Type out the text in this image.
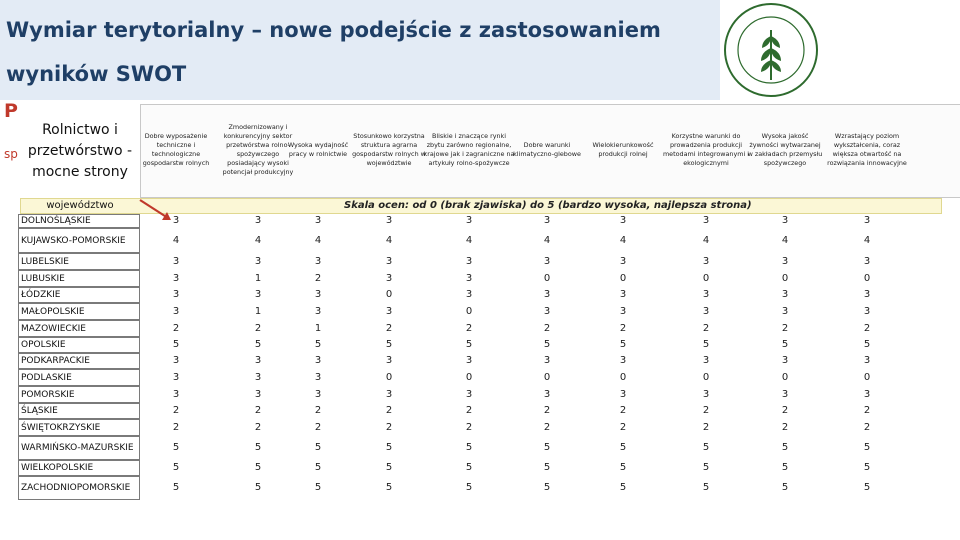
Wymiar terytorialny – nowe podejście z zastosowaniem wyników SWOT
P
sp
Rolnictwo i przetwórstwo - mocne strony
Dobre wyposażenie techniczne i technologiczne gospodarstw rolnych
Zmodernizowany i konkurencyjny sektor przetwórstwa rolno-spożywczego posiadający wysoki potencjał produkcyjny
Wysoka wydajność pracy w rolnictwie
Stosunkowo korzystna struktura agrarna gospodarstw rolnych w województwie
Bliskie i znaczące rynki zbytu zarówno regionalne, krajowe jak i zagraniczne na artykuły rolno-spożywcze
Dobre warunki klimatyczno-glebowe
Wielokierunkowość produkcji rolnej
Korzystne warunki do prowadzenia produkcji metodami integrowanymi i ekologicznymi
Wysoka jakość żywności wytwarzanej w zakładach przemysłu spożywczego
Wzrastający poziom wykształcenia, coraz większa otwartość na rozwiązania innowacyjne
województwo	Skala ocen: od 0 (brak zjawiska) do 5 (bardzo wysoka, najlepsza strona)
DOLNOŚLĄSKIE	3	3	3	3	3	3	3	3	3	3
KUJAWSKO-POMORSKIE	4	4	4	4	4	4	4	4	4	4
LUBELSKIE	3	3	3	3	3	3	3	3	3	3
LUBUSKIE	3	1	2	3	3	0	0	0	0	0
ŁÓDZKIE	3	3	3	0	3	3	3	3	3	3
MAŁOPOLSKIE	3	1	3	3	0	3	3	3	3	3
MAZOWIECKIE	2	2	1	2	2	2	2	2	2	2
OPOLSKIE	5	5	5	5	5	5	5	5	5	5
PODKARPACKIE	3	3	3	3	3	3	3	3	3	3
PODLASKIE	3	3	3	0	0	0	0	0	0	0
POMORSKIE	3	3	3	3	3	3	3	3	3	3
ŚLĄSKIE	2	2	2	2	2	2	2	2	2	2
ŚWIĘTOKRZYSKIE	2	2	2	2	2	2	2	2	2	2
WARMIŃSKO-MAZURSKIE	5	5	5	5	5	5	5	5	5	5
WIELKOPOLSKIE	5	5	5	5	5	5	5	5	5	5
ZACHODNIOPOMORSKIE	5	5	5	5	5	5	5	5	5	5
